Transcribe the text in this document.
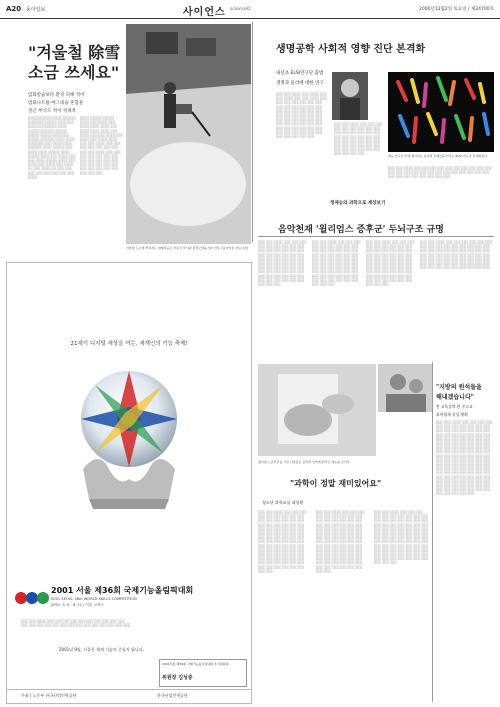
A20 동아일보	사이언스 scienceO	2000년12월2일 토요일 / 제24700호
"겨울철 除雪
소금 쓰세요"
염화칼슘보다 환경 피해 적어
염화나트륨-마그네슘 혼합물
철근 부식도 적어 경제적
░░░░░░░░░░ ░░░░ ░░░░░░ ░░░░░░░ ░░░░░ ░░░░░░░ ░░░░ ░░░░░░░░ ░░░░ ░░░░░ ░░░░░░ ░░░░░ ░░░░░ ░░░░░ ░░░░░░░ ░░░░░ ░░░░░░ ░░░░ ░░░░ ░░░░░░░ ░░░ ░░░░ ░░░░ ░░░░░░ ░░░░ ░░░░░ ░░░ ░░░░ ░░░░ ░░░░░ ░░░░ ░░░░░ ░░░░ ░░░ ░░░░ ░░░ ░░░ ░░░░ ░░░░░ ░░░░ ░░░ ░░░░ ░░░ ░░░░ ░░░ ░░░░ ░░ ░░░ ░░░░ ░░ ░░░ ░░░ ░░░ ░░░ ░░░ ░░░ ░░░ ░░░ ░░░░
░░░░ ░░░░░ ░░░░░ ░░░░ ░░░ ░░░░ ░░░ ░░░░ ░░░░ ░░░░ ░░░ ░░░░ ░░░░ ░░░░ ░░░ ░░░░ ░░░ ░░░ ░░░░ ░░░ ░░░░ ░░░ ░░░░ ░░░░ ░░░ ░░░ ░░░░ ░░░ ░░░ ░░░ ░░░ ░░░ ░░░ ░░░ ░░░ ░░░ ░░░░ ░░░ ░░░ ░░░ ░░░ ░░░ ░░░ ░░░ ░░░ ░░░ ░░░ ░░░ ░░░ ░░░ ░░░ ░░░ ░░░ ░░░ ░░░ ░░░ ░░░ ░░░ ░░░ ░░░ ░░░ ░░░
겨울철 도로에 뿌려지는 염화칼슘은 자동차 부식과 환경오염을 일으킨다. [동아일보 자료사진]
생명공학 사회적 영향 진단 본격화
내년초 ELSI연구단 출범
생명과 윤리에 대한 연구
░░░ ░░░ ░░░░ ░░░ ░░░░ ░░░ ░░░ ░░░░ ░░░ ░░░ ░░░░ ░░░ ░░░ ░░░ ░░░ ░░░ ░░░ ░░░ ░░░ ░░░ ░░░ ░░░ ░░░ ░░░ ░░░ ░░░ ░░░ ░░░ ░░░ ░░░ ░░░ ░░░ ░░░ ░░░ ░░░ ░░░ ░░░ ░░░ ░░░ ░░░ ░░░ ░░░ ░░░ ░░░ ░░░ ░░░ ░░░ ░░░ ░░░ ░░░ ░░░ ░░░ ░░░ ░░░ ░░░ ░░░ ░░░ ░░░ ░░░ ░░░ ░░░ ░░░ ░░░ ░░░ ░░░
░░░ ░░░ ░░░░ ░░░ ░░░ ░░░ ░░░ ░░░ ░░░ ░░░ ░░░ ░░░ ░░░ ░░░ ░░░ ░░░ ░░░ ░░░ ░░░ ░░░ ░░░ ░░░ ░░░ ░░░ ░░░ ░░░ ░░░ ░░░ ░░░ ░░░ ░░░ ░░░ ░░░ ░░░ ░░░ ░░░ ░░░ ░░░ ░░░ ░░░ ░░░ ░░░ ░░░ ░░░ ░░░ ░░░
게놈 연구로 인해 제기되는 윤리적 문제들을 다루는 ELSI 연구가 본격화된다.
░░░ ░░░ ░░░░ ░░░ ░░░ ░░░ ░░░ ░░░ ░░░ ░░░ ░░░ ░░░ ░░░ ░░░ ░░░ ░░░ ░░░ ░░░ ░░░ ░░░ ░░░ ░░░ ░░░ ░░░ ░░░ ░░░ ░░░ ░░░ ░░░ ░░░ ░░░ ░░░ ░░░ ░░░
정재승의 과학으로 세상보기
음악천재 '윌리엄스 증후군' 두뇌구조 규명
░░░ ░░░ ░░░░ ░░░ ░░░ ░░░ ░░░ ░░░ ░░░ ░░░ ░░░ ░░░ ░░░ ░░░ ░░░ ░░░ ░░░ ░░░ ░░░ ░░░ ░░░ ░░░ ░░░ ░░░ ░░░ ░░░ ░░░ ░░░ ░░░ ░░░ ░░░ ░░░ ░░░ ░░░ ░░░ ░░░ ░░░ ░░░ ░░░ ░░░ ░░░ ░░░ ░░░ ░░░ ░░░ ░░░ ░░░ ░░░ ░░░ ░░░ ░░░ ░░░ ░░░ ░░░ ░░░ ░░░ ░░░ ░░░ ░░░ ░░░ ░░░ ░░░ ░░░
░░░ ░░░ ░░░░ ░░░ ░░░ ░░░ ░░░ ░░░ ░░░ ░░░ ░░░ ░░░ ░░░ ░░░ ░░░ ░░░ ░░░ ░░░ ░░░ ░░░ ░░░ ░░░ ░░░ ░░░ ░░░ ░░░ ░░░ ░░░ ░░░ ░░░ ░░░ ░░░ ░░░ ░░░ ░░░ ░░░ ░░░ ░░░ ░░░ ░░░ ░░░ ░░░ ░░░ ░░░ ░░░ ░░░ ░░░ ░░░ ░░░ ░░░ ░░░ ░░░ ░░░ ░░░ ░░░ ░░░ ░░░ ░░░ ░░░ ░░░ ░░░ ░░░ ░░░
░░░ ░░░ ░░░░ ░░░ ░░░ ░░░ ░░░ ░░░ ░░░ ░░░ ░░░ ░░░ ░░░ ░░░ ░░░ ░░░ ░░░ ░░░ ░░░ ░░░ ░░░ ░░░ ░░░ ░░░ ░░░ ░░░ ░░░ ░░░ ░░░ ░░░ ░░░ ░░░ ░░░ ░░░ ░░░ ░░░ ░░░ ░░░ ░░░ ░░░ ░░░ ░░░ ░░░ ░░░ ░░░ ░░░ ░░░ ░░░ ░░░ ░░░ ░░░ ░░░ ░░░ ░░░ ░░░ ░░░ ░░░ ░░░ ░░░ ░░░ ░░░ ░░░ ░░░
░░░ ░░░ ░░░░ ░░░ ░░░ ░░░ ░░░ ░░░ ░░░ ░░░ ░░░ ░░░ ░░░ ░░░ ░░░ ░░░ ░░░ ░░░ ░░░ ░░░ ░░░ ░░░ ░░░ ░░░ ░░░ ░░░ ░░░ ░░░ ░░░ ░░░ ░░░ ░░░ ░░░ ░░░ ░░░ ░░░ ░░░ ░░░ ░░░ ░░░ ░░░ ░░░ ░░░ ░░░ ░░░ ░░░ ░░░ ░░░ ░░░ ░░░ ░░░ ░░░ ░░░ ░░░ ░░░ ░░░ ░░░ ░░░ ░░░ ░░░ ░░░ ░░░ ░░░
21세기 디지털 세상을 여는, 세계인의 기능 축제!
2001 서울 제36회 국제기능올림픽대회
2001 SEOUL 36th WORLD SKILLS COMPETITION
2001. 9. 5 - 9. 11 / 서울 코엑스
░░░ ░░░ ░░░░ ░░░ ░░░ ░░░ ░░░ ░░░ ░░░ ░░░ ░░░ ░░░ ░░░ ░░░ ░░░ ░░░ ░░░ ░░░ ░░░ ░░░ ░░░ ░░░ ░░░ ░░░ ░░░ ░░░ ░░░
2001년 9월, 서울은 세계 기술의 중심지 됩니다.
2001서울 제36회 국제기능올림픽대회 조직위원회
위원장 김성중
주최 / 노동부 한국산업인력공단	한국산업인력공단
윌리엄스 증후군을 가진 사람들은 음악과 언어에 뛰어난 재능을 보인다.
"지방의 원석들을
해내겠습니다"
홍 교육감의 관 중고교
과학영재 육성 계획
░░░ ░░░ ░░░░ ░░░ ░░░ ░░░ ░░░ ░░░ ░░░ ░░░ ░░░ ░░░ ░░░ ░░░ ░░░ ░░░ ░░░ ░░░ ░░░ ░░░ ░░░ ░░░ ░░░ ░░░ ░░░ ░░░ ░░░ ░░░ ░░░ ░░░ ░░░ ░░░ ░░░ ░░░ ░░░ ░░░ ░░░ ░░░ ░░░ ░░░ ░░░ ░░░ ░░░ ░░░ ░░░ ░░░ ░░░ ░░░ ░░░ ░░░ ░░░ ░░░ ░░░ ░░░ ░░░ ░░░ ░░░ ░░░ ░░░ ░░░ ░░░ ░░░ ░░░ ░░░ ░░░ ░░░ ░░░ ░░░ ░░░ ░░░ ░░░ ░░░ ░░░ ░░░ ░░░ ░░░ ░░░ ░░░ ░░░ ░░░ ░░░ ░░░ ░░░ ░░░ ░░░ ░░░ ░░░ ░░░ ░░░ ░░░ ░░░ ░░░ ░░░ ░░░ ░░░ ░░░ ░░░ ░░░ ░░░ ░░░ ░░░ ░░░ ░░░ ░░░ ░░░ ░░░ ░░░ ░░░ ░░░ ░░░ ░░░ ░░░ ░░░ ░░░ ░░░ ░░░ ░░░ ░░░ ░░░ ░░░ ░░░ ░░░ ░░░ ░░░
"과학이 정말 재미있어요"
청소년 과학교실 대성황
░░░ ░░░ ░░░░ ░░░ ░░░ ░░░ ░░░ ░░░ ░░░ ░░░ ░░░ ░░░ ░░░ ░░░ ░░░ ░░░ ░░░ ░░░ ░░░ ░░░ ░░░ ░░░ ░░░ ░░░ ░░░ ░░░ ░░░ ░░░ ░░░ ░░░ ░░░ ░░░ ░░░ ░░░ ░░░ ░░░ ░░░ ░░░ ░░░ ░░░ ░░░ ░░░ ░░░ ░░░ ░░░ ░░░ ░░░ ░░░ ░░░ ░░░ ░░░ ░░░ ░░░ ░░░ ░░░ ░░░ ░░░ ░░░ ░░░ ░░░ ░░░ ░░░ ░░░ ░░░ ░░░ ░░░ ░░░ ░░░ ░░░ ░░░ ░░░ ░░░ ░░░ ░░░ ░░░ ░░░ ░░░ ░░░ ░░░ ░░░ ░░░ ░░░ ░░░ ░░░ ░░░ ░░░
░░░ ░░░ ░░░░ ░░░ ░░░ ░░░ ░░░ ░░░ ░░░ ░░░ ░░░ ░░░ ░░░ ░░░ ░░░ ░░░ ░░░ ░░░ ░░░ ░░░ ░░░ ░░░ ░░░ ░░░ ░░░ ░░░ ░░░ ░░░ ░░░ ░░░ ░░░ ░░░ ░░░ ░░░ ░░░ ░░░ ░░░ ░░░ ░░░ ░░░ ░░░ ░░░ ░░░ ░░░ ░░░ ░░░ ░░░ ░░░ ░░░ ░░░ ░░░ ░░░ ░░░ ░░░ ░░░ ░░░ ░░░ ░░░ ░░░ ░░░ ░░░ ░░░ ░░░ ░░░ ░░░ ░░░ ░░░ ░░░ ░░░ ░░░ ░░░ ░░░ ░░░ ░░░ ░░░ ░░░ ░░░ ░░░ ░░░ ░░░ ░░░ ░░░ ░░░ ░░░ ░░░ ░░░
░░░ ░░░ ░░░░ ░░░ ░░░ ░░░ ░░░ ░░░ ░░░ ░░░ ░░░ ░░░ ░░░ ░░░ ░░░ ░░░ ░░░ ░░░ ░░░ ░░░ ░░░ ░░░ ░░░ ░░░ ░░░ ░░░ ░░░ ░░░ ░░░ ░░░ ░░░ ░░░ ░░░ ░░░ ░░░ ░░░ ░░░ ░░░ ░░░ ░░░ ░░░ ░░░ ░░░ ░░░ ░░░ ░░░ ░░░ ░░░ ░░░ ░░░ ░░░ ░░░ ░░░ ░░░ ░░░ ░░░ ░░░ ░░░ ░░░ ░░░ ░░░ ░░░ ░░░ ░░░ ░░░ ░░░ ░░░ ░░░ ░░░ ░░░ ░░░ ░░░ ░░░ ░░░ ░░░ ░░░ ░░░ ░░░ ░░░ ░░░ ░░░ ░░░ ░░░ ░░░ ░░░ ░░░
